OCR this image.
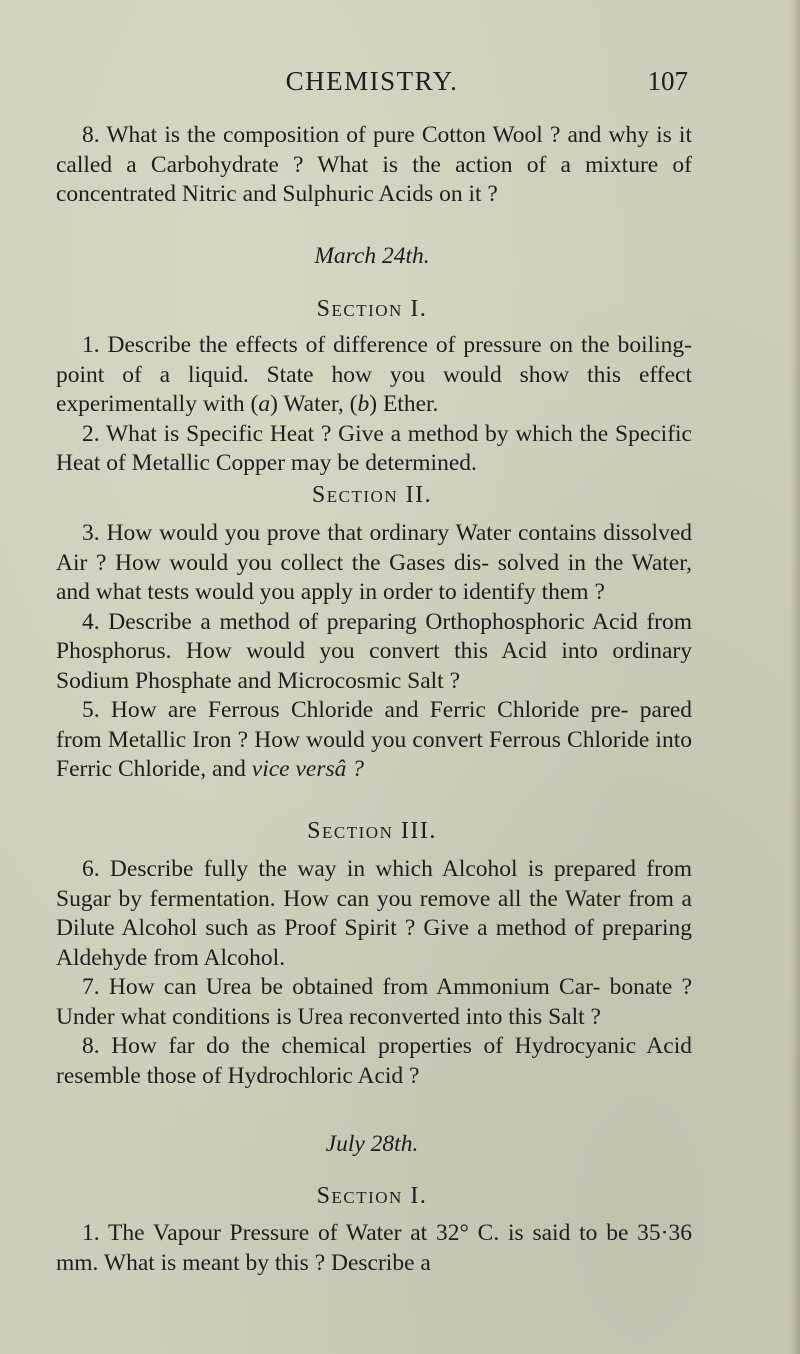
CHEMISTRY.	107

8. What is the composition of pure Cotton Wool ? and why is it called a Carbohydrate ? What is the action of a mixture of concentrated Nitric and Sulphuric Acids on it ?

March 24th.
Section I.

1. Describe the effects of difference of pressure on the boiling-point of a liquid. State how you would show this effect experimentally with (a) Water, (b) Ether.

2. What is Specific Heat ? Give a method by which the Specific Heat of Metallic Copper may be determined.

Section II.

3. How would you prove that ordinary Water contains dissolved Air ? How would you collect the Gases dis- solved in the Water, and what tests would you apply in order to identify them ?

4. Describe a method of preparing Orthophosphoric Acid from Phosphorus. How would you convert this Acid into ordinary Sodium Phosphate and Microcosmic Salt ?

5. How are Ferrous Chloride and Ferric Chloride pre- pared from Metallic Iron ? How would you convert Ferrous Chloride into Ferric Chloride, and vice versâ ?

Section III.

6. Describe fully the way in which Alcohol is prepared from Sugar by fermentation. How can you remove all the Water from a Dilute Alcohol such as Proof Spirit ? Give a method of preparing Aldehyde from Alcohol.

7. How can Urea be obtained from Ammonium Car- bonate ? Under what conditions is Urea reconverted into this Salt ?

8. How far do the chemical properties of Hydrocyanic Acid resemble those of Hydrochloric Acid ?

July 28th.
Section I.

1. The Vapour Pressure of Water at 32° C. is said to be 35·36 mm. What is meant by this ? Describe a
